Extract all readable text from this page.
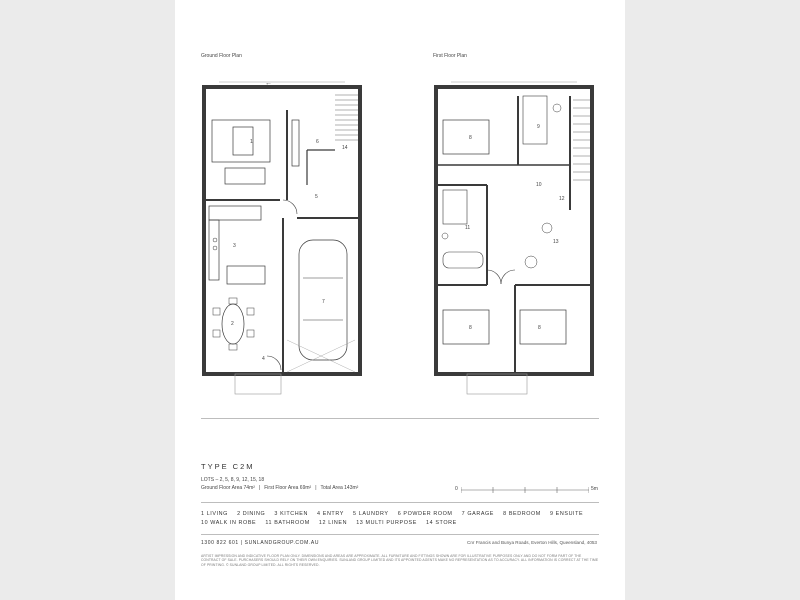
Ground Floor Plan	First Floor Plan
1
3
2
4
5
6
14
7
←
8
9
10
12
11
13
8	8
TYPE C2M
LOTS – 2, 5, 8, 9, 12, 15, 18
Ground Floor Area 74m² | First Floor Area 69m² | Total Area 143m²	0	5m
1 LIVING 2 DINING 3 KITCHEN 4 ENTRY 5 LAUNDRY 6 POWDER ROOM 7 GARAGE 8 BEDROOM 9 ENSUITE 10 WALK IN ROBE 11 BATHROOM 12 LINEN 13 MULTI PURPOSE 14 STORE
1300 822 601 | SUNLANDGROUP.COM.AU	Cnr Francis and Bunya Roads, Everton Hills, Queensland, 4053
ARTIST IMPRESSION AND INDICATIVE FLOOR PLAN ONLY. DIMENSIONS AND AREAS ARE APPROXIMATE. ALL FURNITURE AND FITTINGS SHOWN ARE FOR ILLUSTRATIVE PURPOSES ONLY AND DO NOT FORM PART OF THE CONTRACT OF SALE. PURCHASERS SHOULD RELY ON THEIR OWN ENQUIRIES. SUNLAND GROUP LIMITED AND ITS APPOINTED AGENTS MAKE NO REPRESENTATION AS TO ACCURACY. ALL INFORMATION IS CORRECT AT THE TIME OF PRINTING. © SUNLAND GROUP LIMITED. ALL RIGHTS RESERVED.
